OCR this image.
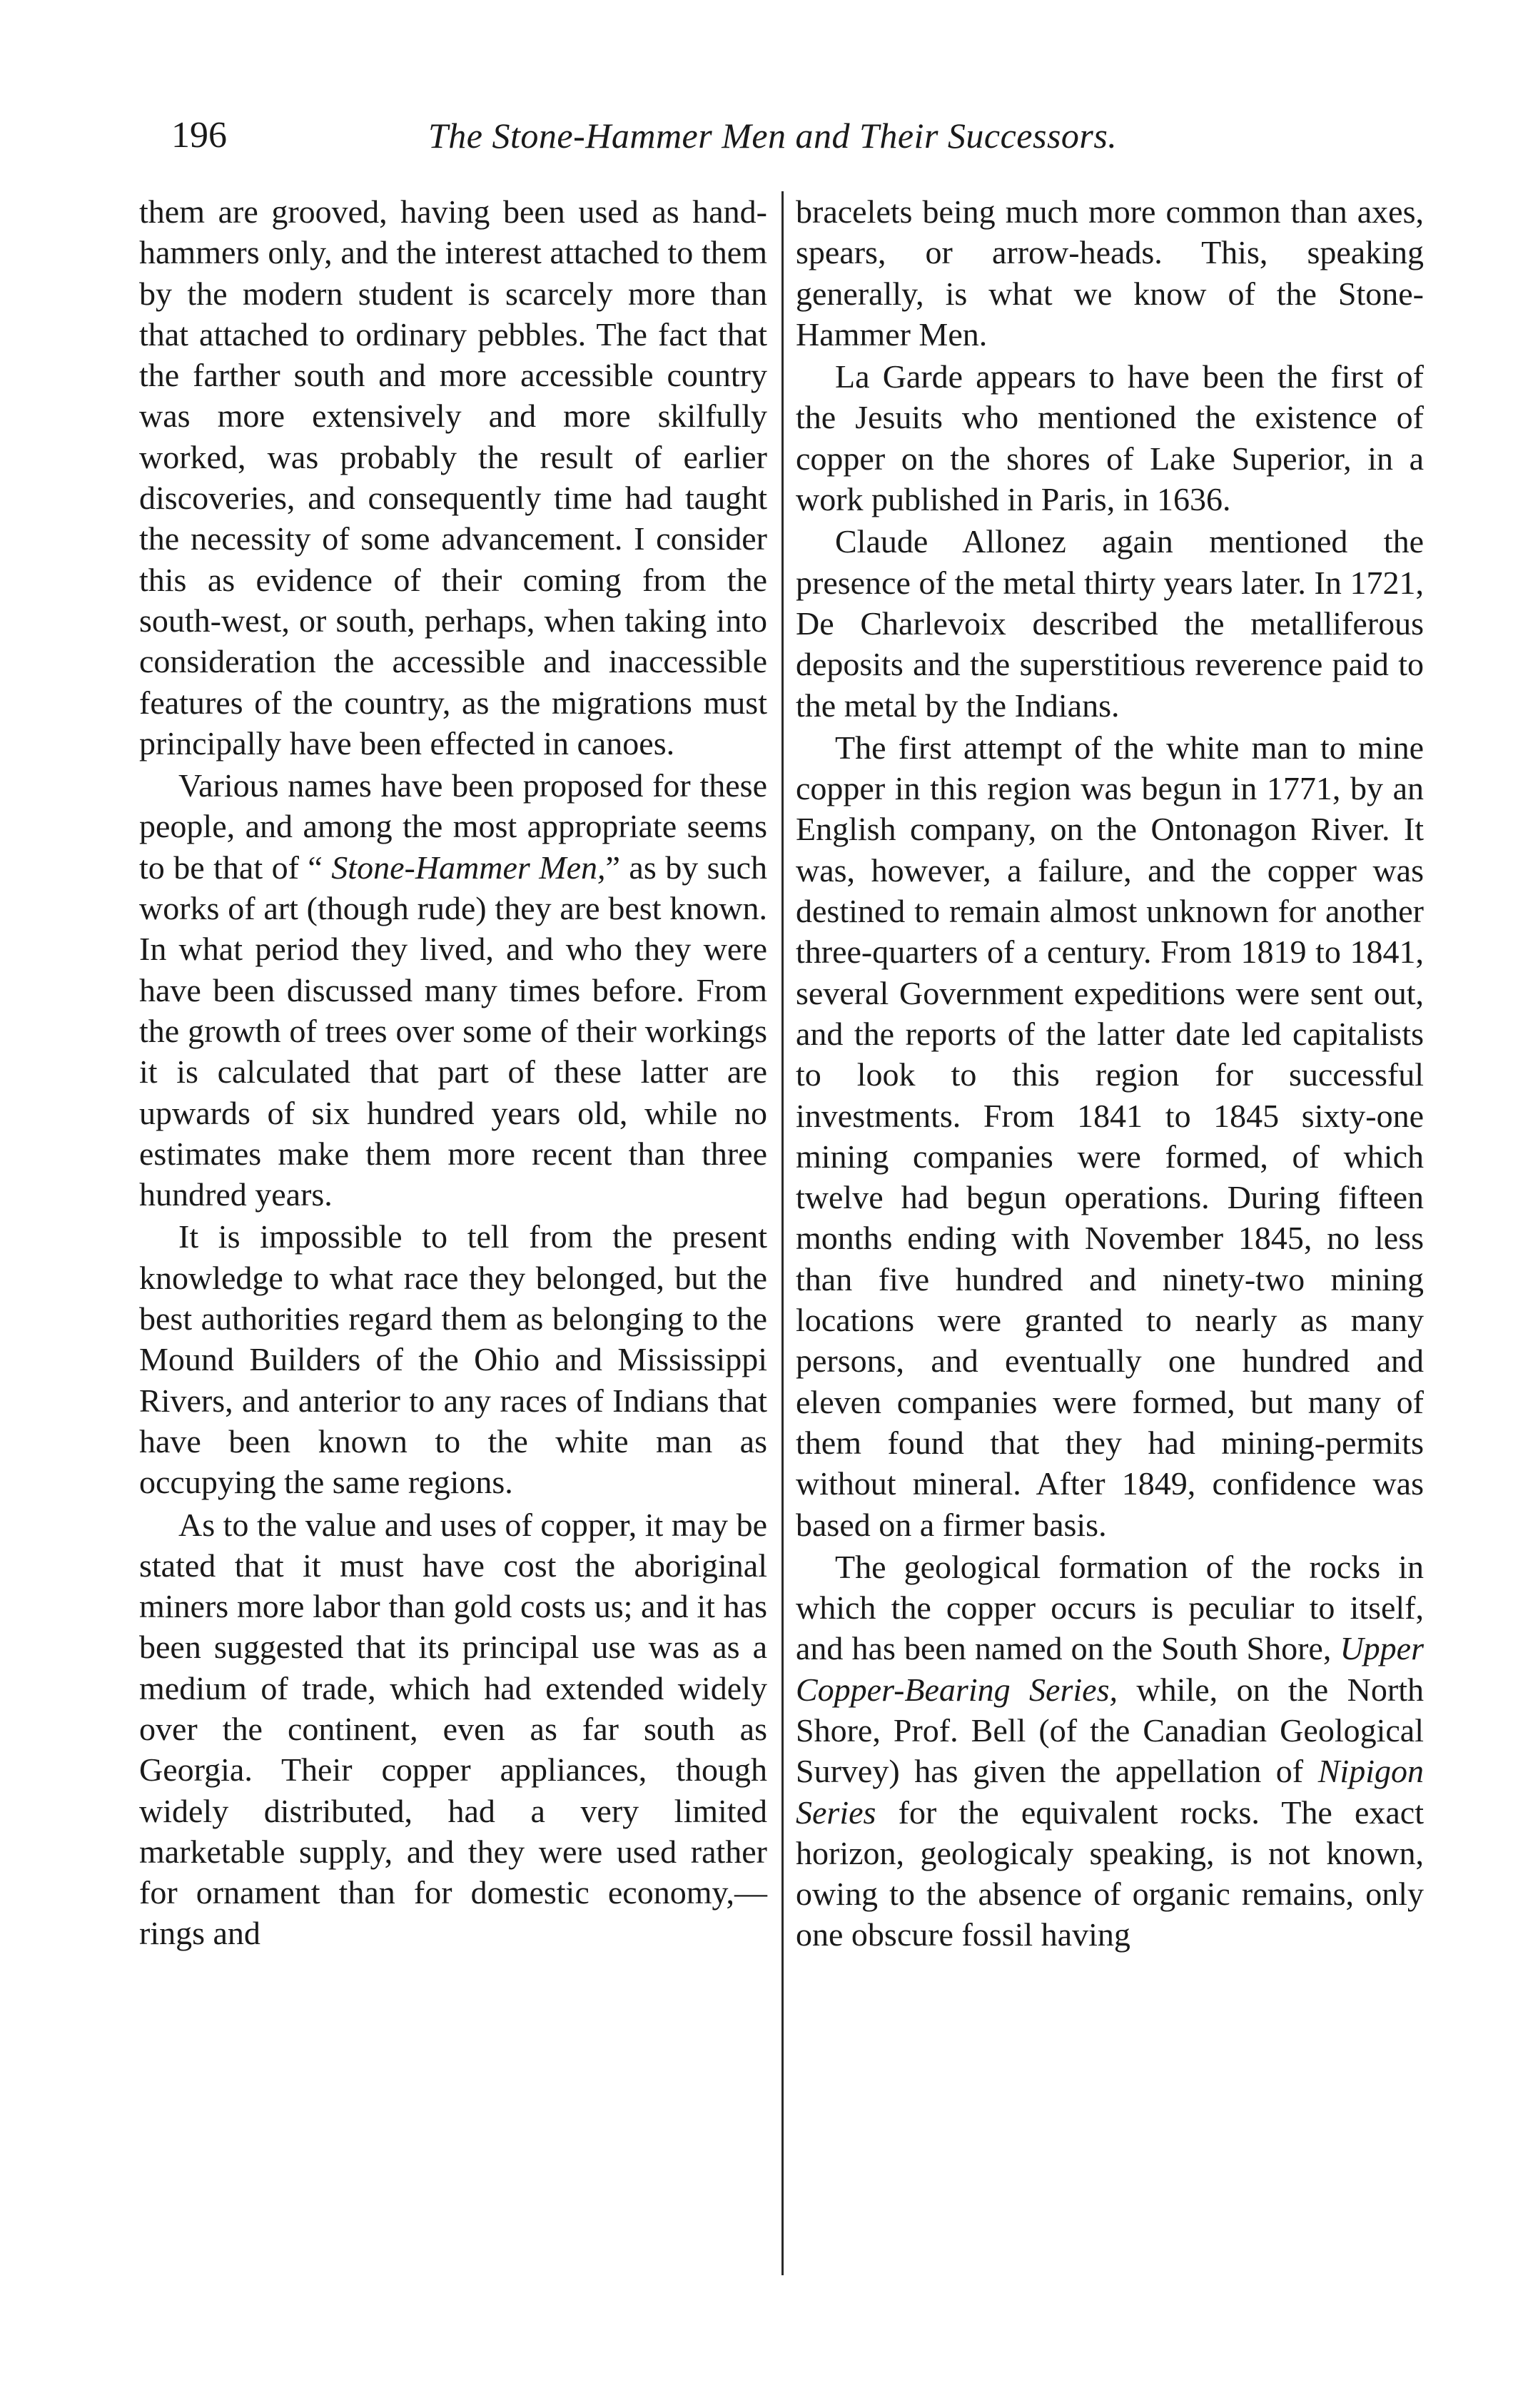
196	The Stone-Hammer Men and Their Successors.

them are grooved, having been used as hand-hammers only, and the interest attached to them by the modern student is scarcely more than that attached to ordinary pebbles. The fact that the farther south and more accessible country was more extensively and more skilfully worked, was probably the result of earlier discoveries, and consequently time had taught the necessity of some advancement. I consider this as evidence of their coming from the south-west, or south, perhaps, when taking into consideration the accessible and inaccessible features of the country, as the migrations must principally have been effected in canoes.

Various names have been proposed for these people, and among the most appropriate seems to be that of “ Stone-Hammer Men,” as by such works of art (though rude) they are best known. In what period they lived, and who they were have been discussed many times before. From the growth of trees over some of their workings it is calculated that part of these latter are upwards of six hundred years old, while no estimates make them more recent than three hundred years.

It is impossible to tell from the present knowledge to what race they belonged, but the best authorities regard them as belonging to the Mound Builders of the Ohio and Mississippi Rivers, and anterior to any races of Indians that have been known to the white man as occupying the same regions.

As to the value and uses of copper, it may be stated that it must have cost the aboriginal miners more labor than gold costs us; and it has been suggested that its principal use was as a medium of trade, which had extended widely over the continent, even as far south as Georgia. Their copper appliances, though widely distributed, had a very limited marketable supply, and they were used rather for ornament than for domestic economy,—rings and

bracelets being much more common than axes, spears, or arrow-heads. This, speaking generally, is what we know of the Stone-Hammer Men.

La Garde appears to have been the first of the Jesuits who mentioned the existence of copper on the shores of Lake Superior, in a work published in Paris, in 1636.

Claude Allonez again mentioned the presence of the metal thirty years later. In 1721, De Charlevoix described the metalliferous deposits and the superstitious reverence paid to the metal by the Indians.

The first attempt of the white man to mine copper in this region was begun in 1771, by an English company, on the Ontonagon River. It was, however, a failure, and the copper was destined to remain almost unknown for another three-quarters of a century. From 1819 to 1841, several Government expeditions were sent out, and the reports of the latter date led capitalists to look to this region for successful investments. From 1841 to 1845 sixty-one mining companies were formed, of which twelve had begun operations. During fifteen months ending with November 1845, no less than five hundred and ninety-two mining locations were granted to nearly as many persons, and eventually one hundred and eleven companies were formed, but many of them found that they had mining-permits without mineral. After 1849, confidence was based on a firmer basis.

The geological formation of the rocks in which the copper occurs is peculiar to itself, and has been named on the South Shore, Upper Copper-Bearing Series, while, on the North Shore, Prof. Bell (of the Canadian Geological Survey) has given the appellation of Nipigon Series for the equivalent rocks. The exact horizon, geologicaly speaking, is not known, owing to the absence of organic remains, only one obscure fossil having
